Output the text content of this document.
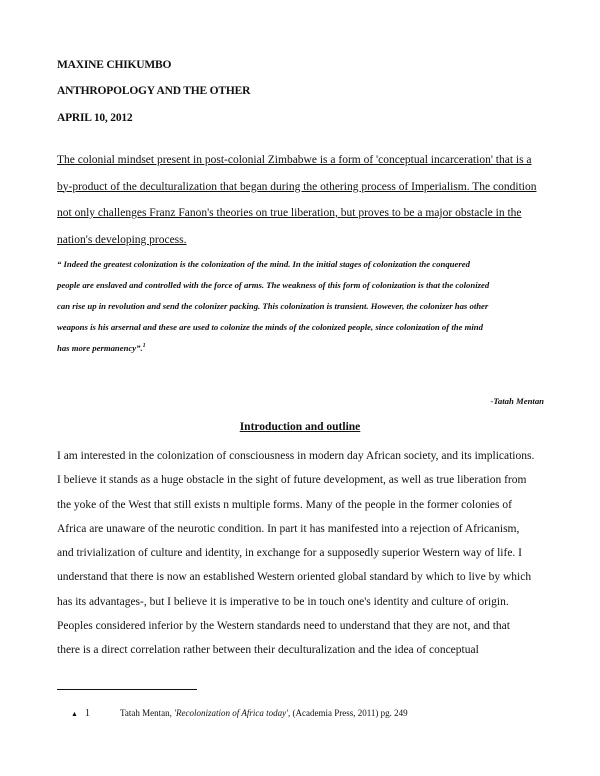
MAXINE CHIKUMBO
ANTHROPOLOGY AND THE OTHER
APRIL 10, 2012
The colonial mindset present in post-colonial Zimbabwe is a form of 'conceptual incarceration' that is a
by-product of the deculturalization that began during the othering process of Imperialism. The condition
not only challenges Franz Fanon's theories on true liberation, but proves to be a major obstacle in the
nation's developing process.
“ Indeed the greatest colonization is the colonization of the mind. In the initial stages of colonization the conquered
people are enslaved and controlled with the force of arms. The weakness of this form of colonization is that the colonized
can rise up in revolution and send the colonizer packing. This colonization is transient. However, the colonizer has other
weapons is his arsernal and these are used to colonize the minds of the colonized people, since colonization of the mind
has more permanency”.$^1$
-Tatah Mentan
Introduction and outline
I am interested in the colonization of consciousness in modern day African society, and its implications.
I believe it stands as a huge obstacle in the sight of future development, as well as true liberation from
the yoke of the West that still exists n multiple forms. Many of the people in the former colonies of
Africa are unaware of the neurotic condition. In part it has manifested into a rejection of Africanism,
and trivialization of culture and identity, in exchange for a supposedly superior Western way of life. I
understand that there is now an established Western oriented global standard by which to live by which
has its advantages-, but I believe it is imperative to be in touch one's identity and culture of origin.
Peoples considered inferior by the Western standards need to understand that they are not, and that
there is a direct correlation rather between their deculturalization and the idea of conceptual
▲ 1	Tatah Mentan, 'Recolonization of Africa today', (Academia Press, 2011) pg. 249
